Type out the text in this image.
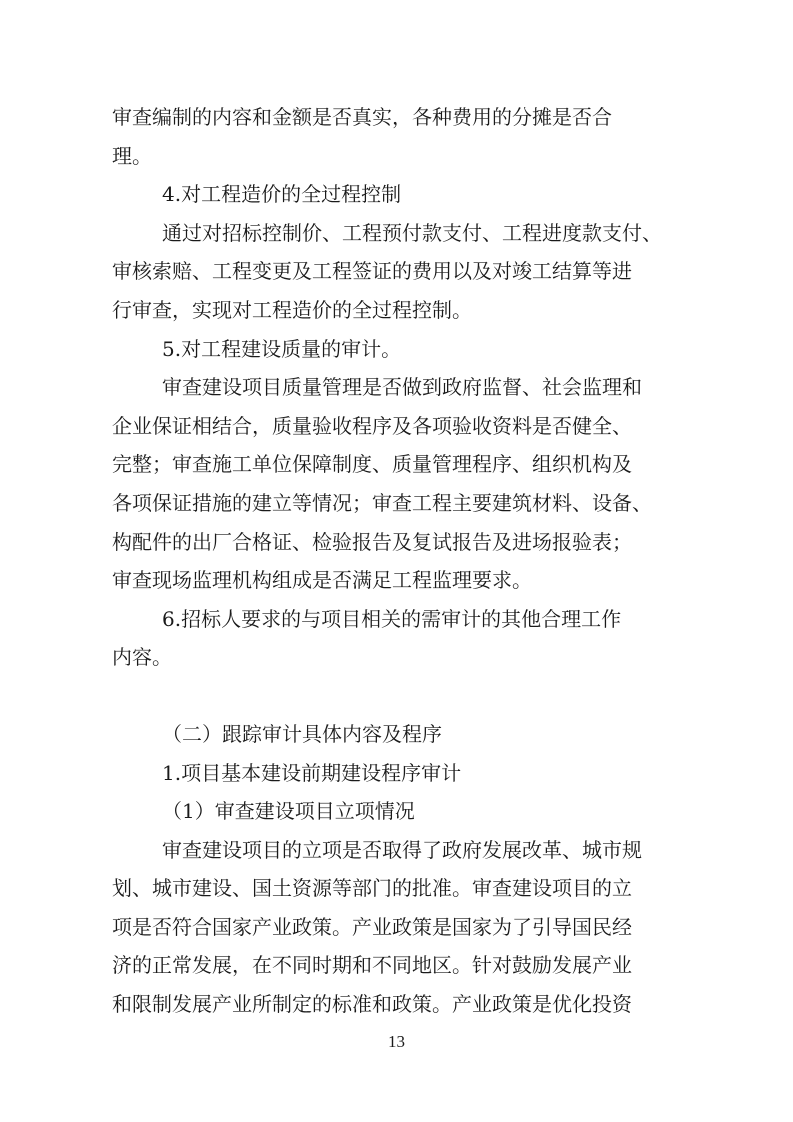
审查编制的内容和金额是否真实，各种费用的分摊是否合
理。
4.对工程造价的全过程控制
通过对招标控制价、工程预付款支付、工程进度款支付、
审核索赔、工程变更及工程签证的费用以及对竣工结算等进
行审查，实现对工程造价的全过程控制。
5.对工程建设质量的审计。
审查建设项目质量管理是否做到政府监督、社会监理和
企业保证相结合，质量验收程序及各项验收资料是否健全、
完整；审查施工单位保障制度、质量管理程序、组织机构及
各项保证措施的建立等情况；审查工程主要建筑材料、设备、
构配件的出厂合格证、检验报告及复试报告及进场报验表；
审查现场监理机构组成是否满足工程监理要求。
6.招标人要求的与项目相关的需审计的其他合理工作
内容。
（二）跟踪审计具体内容及程序
1.项目基本建设前期建设程序审计
（1）审查建设项目立项情况
审查建设项目的立项是否取得了政府发展改革、城市规
划、城市建设、国土资源等部门的批准。审查建设项目的立
项是否符合国家产业政策。产业政策是国家为了引导国民经
济的正常发展，在不同时期和不同地区。针对鼓励发展产业
和限制发展产业所制定的标准和政策。产业政策是优化投资
13
